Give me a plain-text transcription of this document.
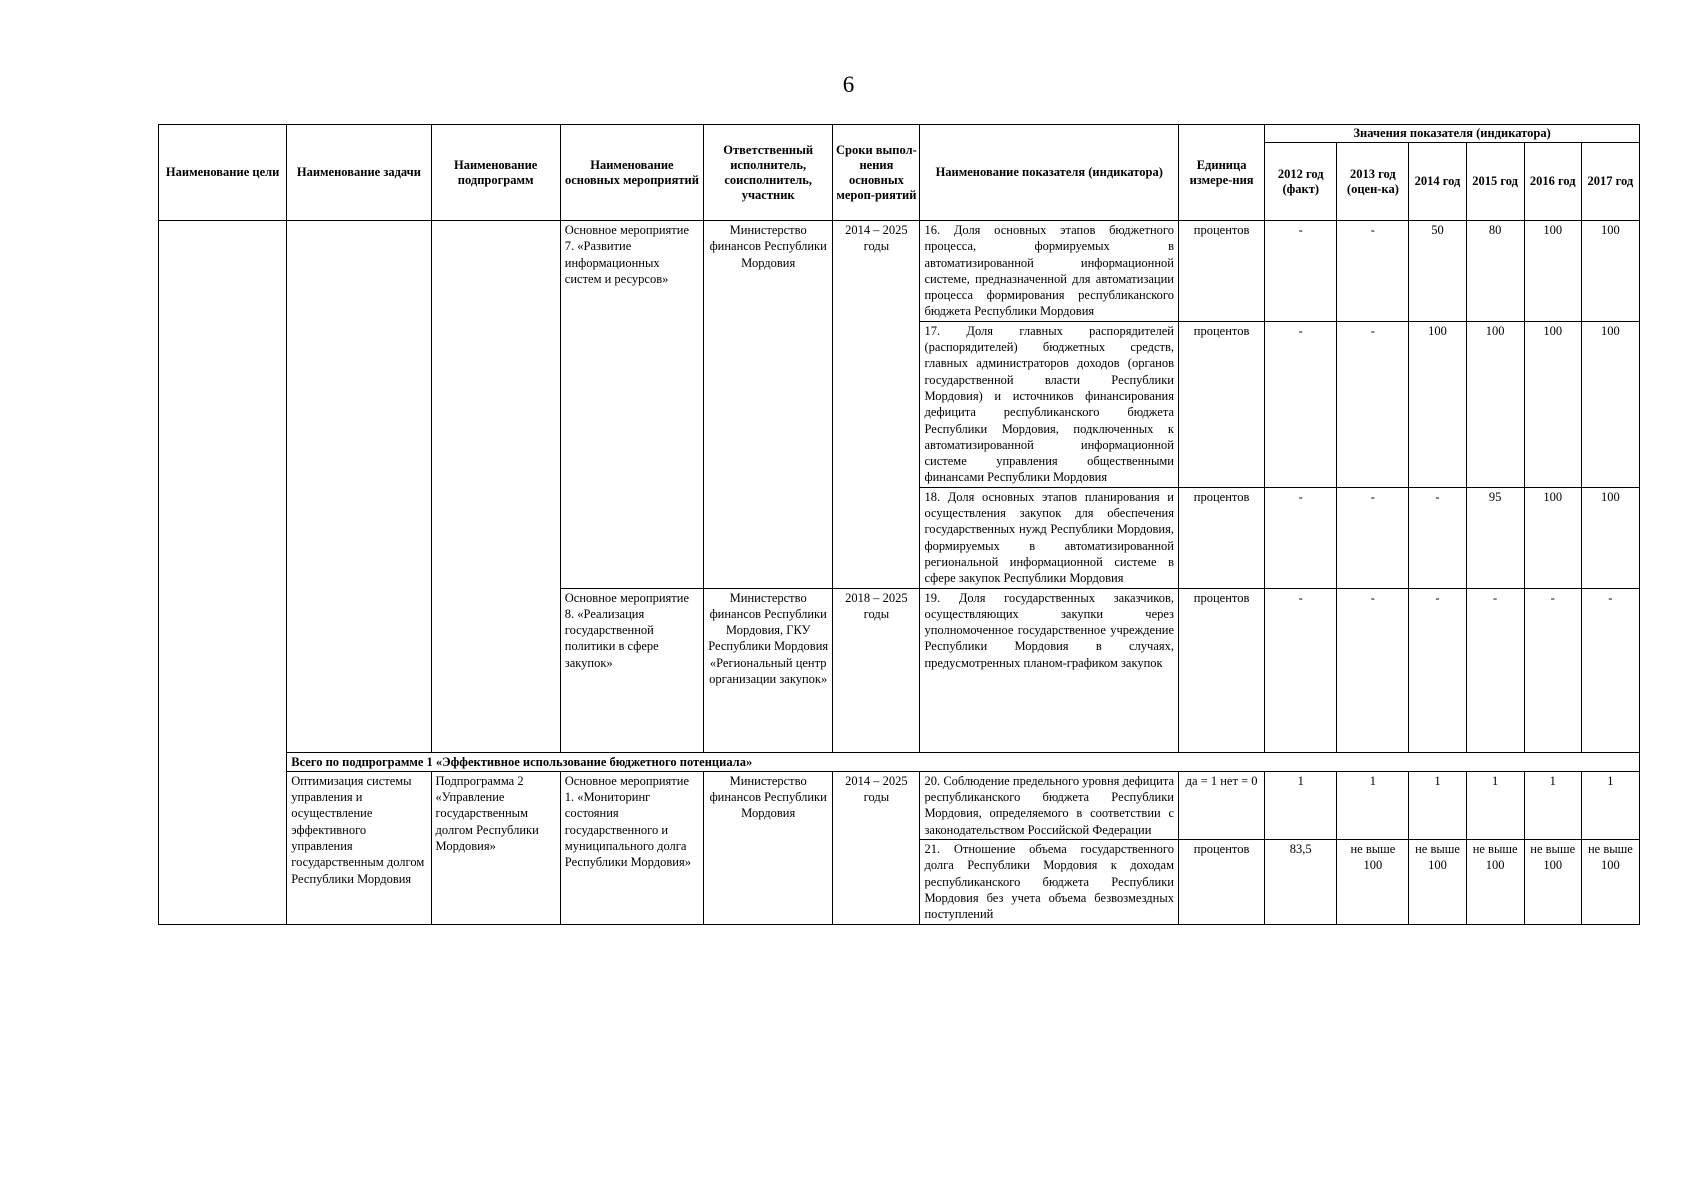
6
Наименование цели	Наименование задачи	Наименование подпрограмм	Наименование основных мероприятий	Ответственный исполнитель, соисполнитель, участник	Сроки выпол-нения основных мероп-риятий	Наименование показателя (индикатора)	Единица измере-ния	Значения показателя (индикатора)					
								2012 год (факт)	2013 год (оцен-ка)	2014 год	2015 год	2016 год	2017 год
			Основное мероприятие 7. «Развитие информационных систем и ресурсов»	Министерство финансов Республики Мордовия	2014 – 2025 годы	16. Доля основных этапов бюджетного процесса, формируемых в автоматизированной информационной системе, предназначенной для автоматизации процесса формирования республиканского бюджета Республики Мордовия	процентов	-	-	50	80	100	100
						17. Доля главных распорядителей (распорядителей) бюджетных средств, главных администраторов доходов (органов государственной власти Республики Мордовия) и источников финансирования дефицита республиканского бюджета Республики Мордовия, подключенных к автоматизированной информационной системе управления общественными финансами Республики Мордовия	процентов	-	-	100	100	100	100
						18. Доля основных этапов планирования и осуществления закупок для обеспечения государственных нужд Республики Мордовия, формируемых в автоматизированной региональной информационной системе в сфере закупок Республики Мордовия	процентов	-	-	-	95	100	100
			Основное мероприятие 8. «Реализация государственной политики в сфере закупок»	Министерство финансов Республики Мордовия, ГКУ Республики Мордовия «Региональный центр организации закупок»	2018 – 2025 годы	19. Доля государственных заказчиков, осуществляющих закупки через уполномоченное государственное учреждение Республики Мордовия в случаях, предусмотренных планом-графиком закупок	процентов	-	-	-	-	-	-
	Всего по подпрограмме 1 «Эффективное использование бюджетного потенциала»												
	Оптимизация системы управления и осуществление эффективного управления государственным долгом Республики Мордовия	Подпрограмма 2 «Управление государственным долгом Республики Мордовия»	Основное мероприятие 1. «Мониторинг состояния государственного и муниципального долга Республики Мордовия»	Министерство финансов Республики Мордовия	2014 – 2025 годы	20. Соблюдение предельного уровня дефицита республиканского бюджета Республики Мордовия, определяемого в соответствии с законодательством Российской Федерации	да = 1 нет = 0	1	1	1	1	1	1
						21. Отношение объема государственного долга Республики Мордовия к доходам республиканского бюджета Республики Мордовия без учета объема безвозмездных поступлений	процентов	83,5	не выше 100	не выше 100	не выше 100	не выше 100	не выше 100
